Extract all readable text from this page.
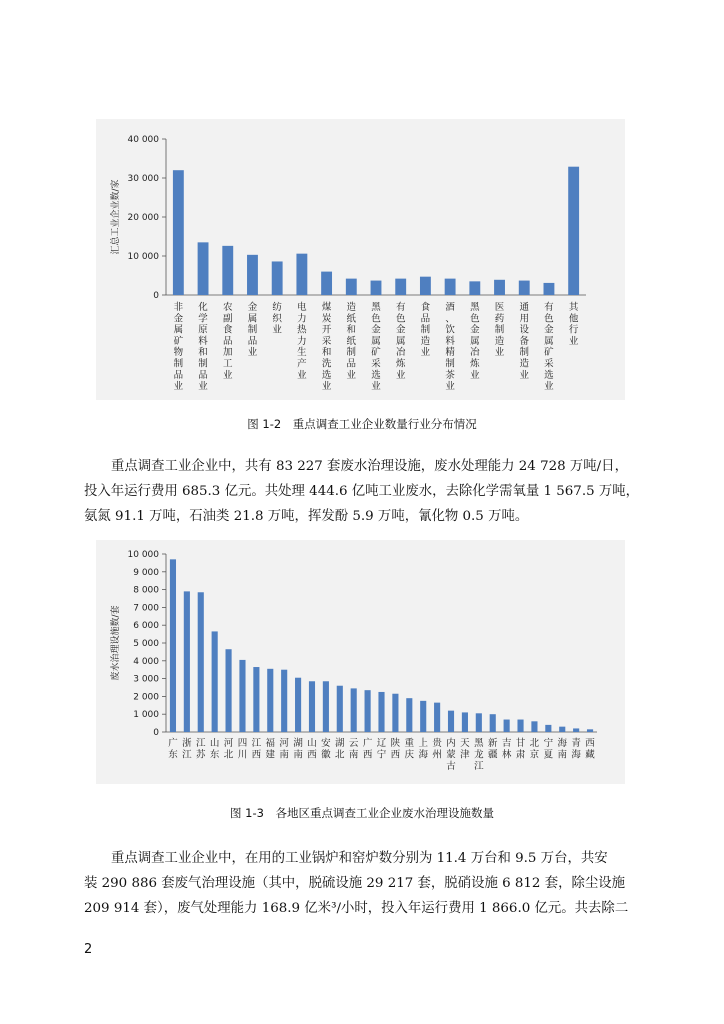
汇总工业企业数/家
0
10 000
20 000
30 000
40 000
非金属矿物制品业
化学原料和制品业
农副食品加工业
金属制品业
纺织业
电力热力生产业
煤炭开采和洗选业
造纸和纸制品业
黑色金属矿采选业
有色金属冶炼业
食品制造业
酒、饮料精制茶业
黑色金属冶炼业
医药制造业
通用设备制造业
有色金属矿采选业
其他行业
图 1-2　重点调查工业企业数量行业分布情况
重点调查工业企业中，共有 83 227 套废水治理设施，废水处理能力 24 728 万吨/日，
投入年运行费用 685.3 亿元。共处理 444.6 亿吨工业废水，去除化学需氧量 1 567.5 万吨，
氨氮 91.1 万吨，石油类 21.8 万吨，挥发酚 5.9 万吨，氰化物 0.5 万吨。
废水治理设施数/套
0
1 000
2 000
3 000
4 000
5 000
6 000
7 000
8 000
9 000
10 000
广东
浙江
江苏
山东
河北
四川
江西
福建
河南
湖南
山西
安徽
湖北
云南
广西
辽宁
陕西
重庆
上海
贵州
内蒙古
天津
黑龙江
新疆
吉林
甘肃
北京
宁夏
海南
青海
西藏
图 1-3　各地区重点调查工业企业废水治理设施数量
重点调查工业企业中，在用的工业锅炉和窑炉数分别为 11.4 万台和 9.5 万台，共安
装 290 886 套废气治理设施（其中，脱硫设施 29 217 套，脱硝设施 6 812 套，除尘设施
209 914 套），废气处理能力 168.9 亿米³/小时，投入年运行费用 1 866.0 亿元。共去除二
2
